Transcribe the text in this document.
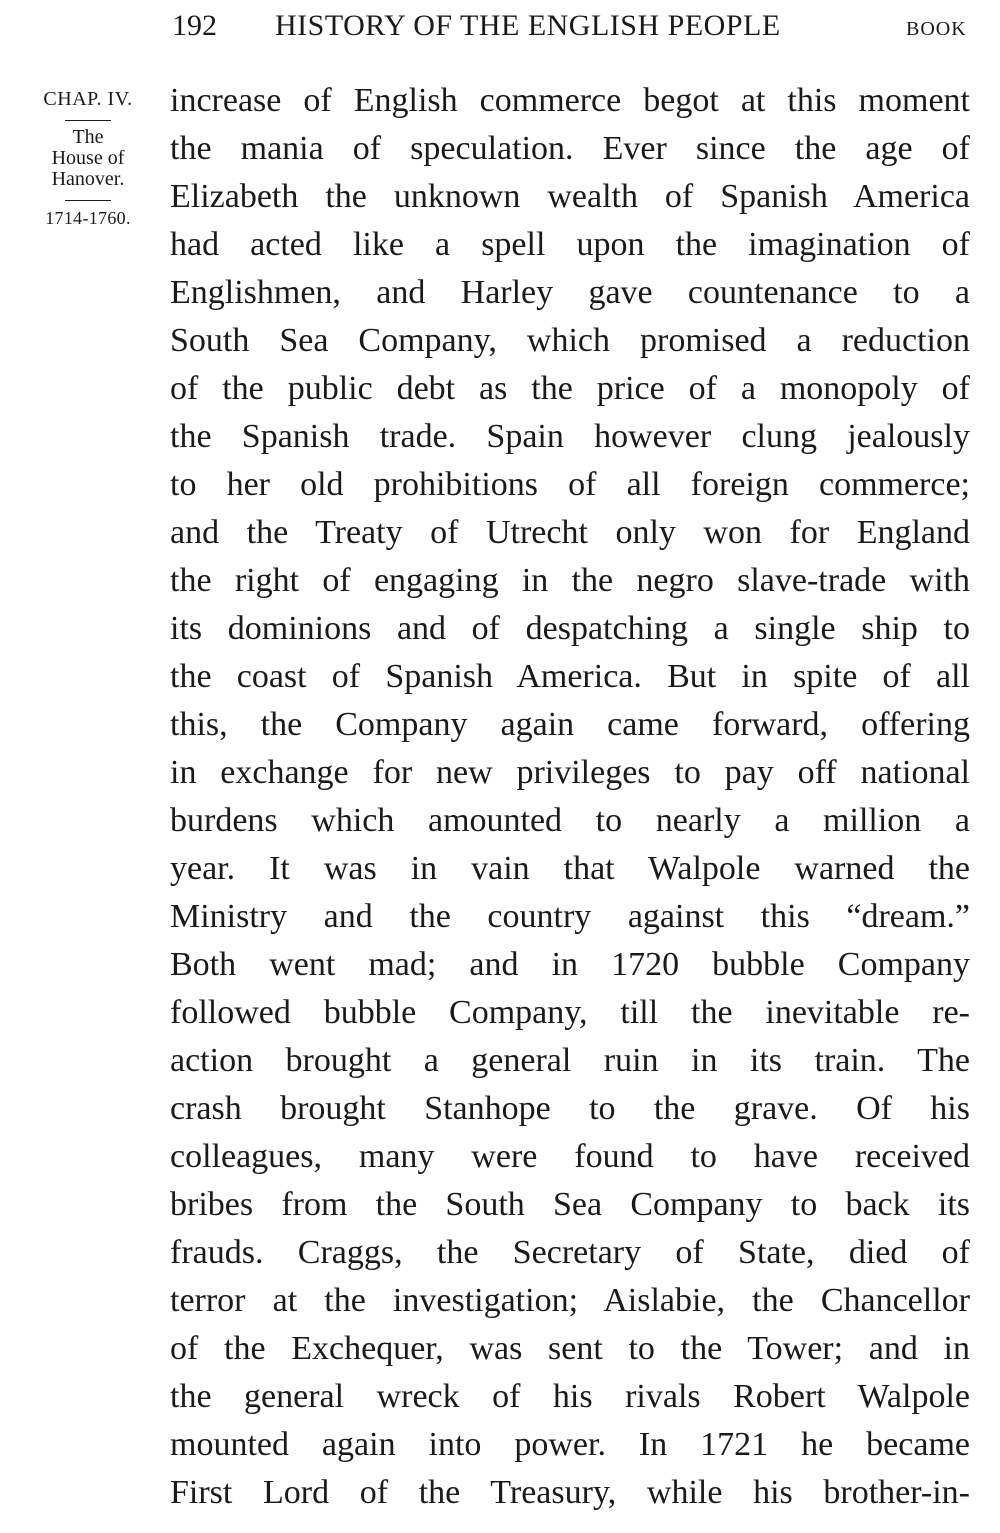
192 HISTORY OF THE ENGLISH PEOPLE	BOOK
CHAP. IV.
The
House of
Hanover.
1714-1760.
increase of English commerce begot at this moment
the mania of speculation. Ever since the age of
Elizabeth the unknown wealth of Spanish America
had acted like a spell upon the imagination of
Englishmen, and Harley gave countenance to a
South Sea Company, which promised a reduction
of the public debt as the price of a monopoly of
the Spanish trade. Spain however clung jealously
to her old prohibitions of all foreign commerce;
and the Treaty of Utrecht only won for England
the right of engaging in the negro slave-trade with
its dominions and of despatching a single ship to
the coast of Spanish America. But in spite of all
this, the Company again came forward, offering
in exchange for new privileges to pay off national
burdens which amounted to nearly a million a
year. It was in vain that Walpole warned the
Ministry and the country against this “dream.”
Both went mad; and in 1720 bubble Company
followed bubble Company, till the inevitable re-
action brought a general ruin in its train. The
crash brought Stanhope to the grave. Of his
colleagues, many were found to have received
bribes from the South Sea Company to back its
frauds. Craggs, the Secretary of State, died of
terror at the investigation; Aislabie, the Chancellor
of the Exchequer, was sent to the Tower; and in
the general wreck of his rivals Robert Walpole
mounted again into power. In 1721 he became
First Lord of the Treasury, while his brother-in-
